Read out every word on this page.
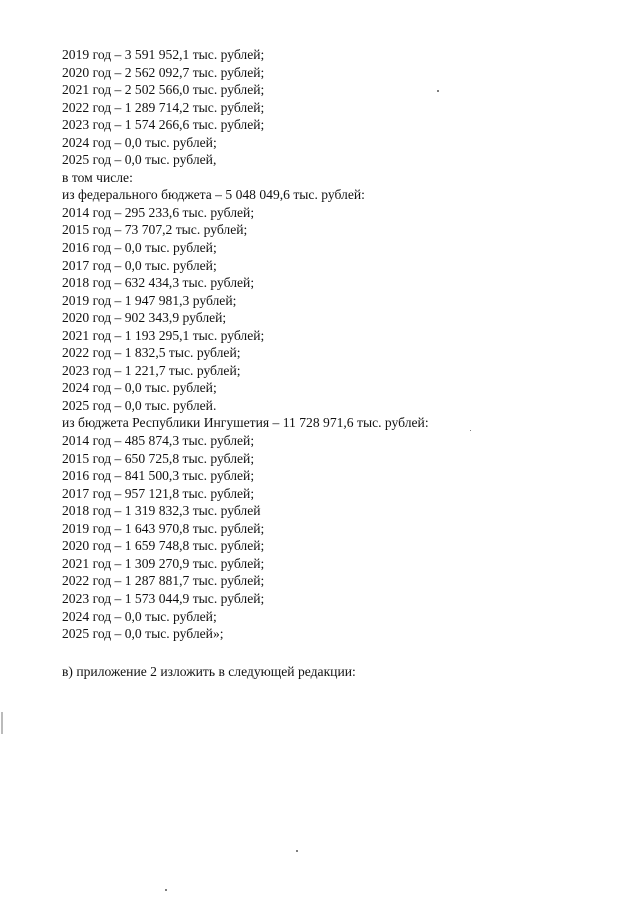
2019 год – 3 591 952,1 тыс. рублей;
2020 год – 2 562 092,7 тыс. рублей;
2021 год – 2 502 566,0 тыс. рублей;
2022 год – 1 289 714,2 тыс. рублей;
2023 год – 1 574 266,6 тыс. рублей;
2024 год – 0,0 тыс. рублей;
2025 год – 0,0 тыс. рублей,
в том числе:
из федерального бюджета – 5 048 049,6 тыс. рублей:
2014 год – 295 233,6 тыс. рублей;
2015 год – 73 707,2 тыс. рублей;
2016 год – 0,0 тыс. рублей;
2017 год – 0,0 тыс. рублей;
2018 год – 632 434,3 тыс. рублей;
2019 год – 1 947 981,3 рублей;
2020 год – 902 343,9 рублей;
2021 год – 1 193 295,1 тыс. рублей;
2022 год – 1 832,5 тыс. рублей;
2023 год – 1 221,7 тыс. рублей;
2024 год – 0,0 тыс. рублей;
2025 год – 0,0 тыс. рублей.
из бюджета Республики Ингушетия – 11 728 971,6 тыс. рублей:
2014 год – 485 874,3 тыс. рублей;
2015 год – 650 725,8 тыс. рублей;
2016 год – 841 500,3 тыс. рублей;
2017 год – 957 121,8 тыс. рублей;
2018 год – 1 319 832,3 тыс. рублей
2019 год – 1 643 970,8 тыс. рублей;
2020 год – 1 659 748,8 тыс. рублей;
2021 год – 1 309 270,9 тыс. рублей;
2022 год – 1 287 881,7 тыс. рублей;
2023 год – 1 573 044,9 тыс. рублей;
2024 год – 0,0 тыс. рублей;
2025 год – 0,0 тыс. рублей»;
в) приложение 2 изложить в следующей редакции:
